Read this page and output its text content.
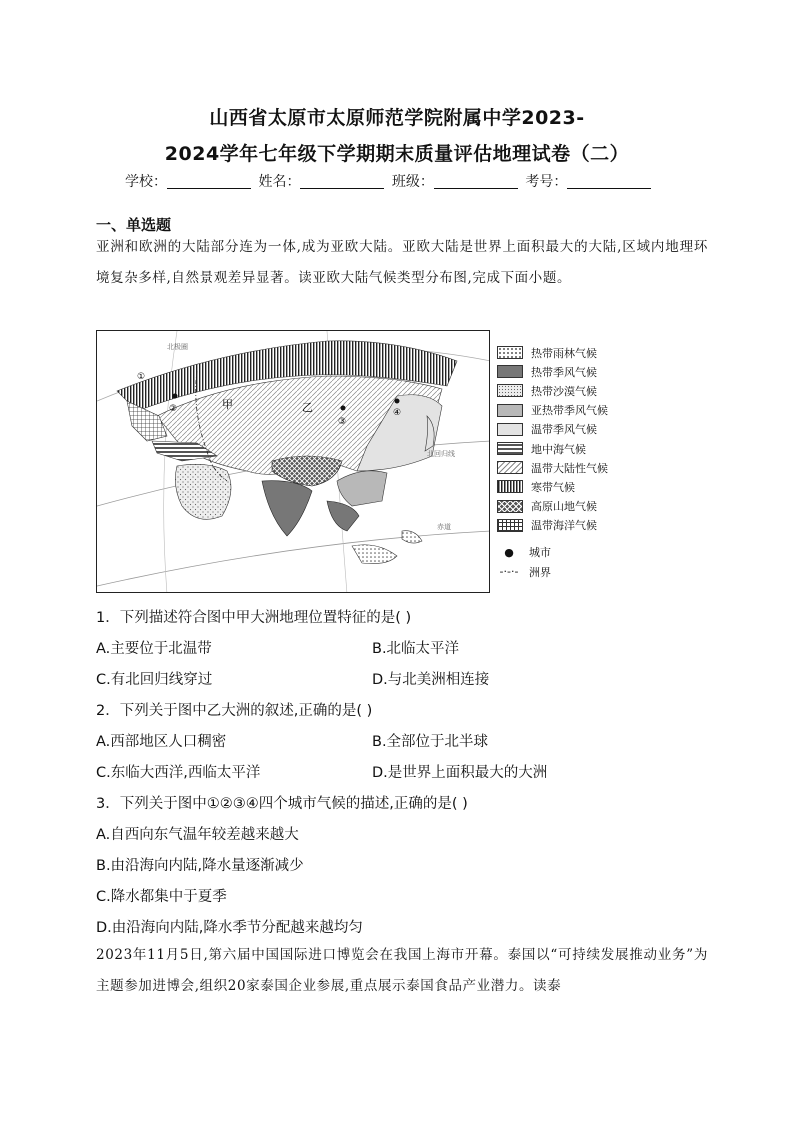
山西省太原市太原师范学院附属中学2023-
2024学年七年级下学期期末质量评估地理试卷（二）
学校：	姓名：	班级：	考号：
一、单选题
亚洲和欧洲的大陆部分连为一体,成为亚欧大陆。亚欧大陆是世界上面积最大的大陆,区域内地理环境复杂多样,自然景观差异显著。读亚欧大陆气候类型分布图,完成下面小题。
②
③
④
①
甲	乙
北极圈
北回归线
赤道
热带雨林气候
热带季风气候
热带沙漠气候
亚热带季风气候
温带季风气候
地中海气候
温带大陆性气候
寒带气候
高原山地气候
温带海洋气候
●	城市
-·-·- 洲界
1．下列描述符合图中甲大洲地理位置特征的是( )
A.主要位于北温带	B.北临太平洋
C.有北回归线穿过	D.与北美洲相连接
2．下列关于图中乙大洲的叙述,正确的是( )
A.西部地区人口稠密	B.全部位于北半球
C.东临大西洋,西临太平洋	D.是世界上面积最大的大洲
3．下列关于图中①②③④四个城市气候的描述,正确的是( )
A.自西向东气温年较差越来越大
B.由沿海向内陆,降水量逐渐减少
C.降水都集中于夏季
D.由沿海向内陆,降水季节分配越来越均匀
2023年11月5日,第六届中国国际进口博览会在我国上海市开幕。泰国以“可持续发展推动业务”为主题参加进博会,组织20家泰国企业参展,重点展示泰国食品产业潜力。读泰
